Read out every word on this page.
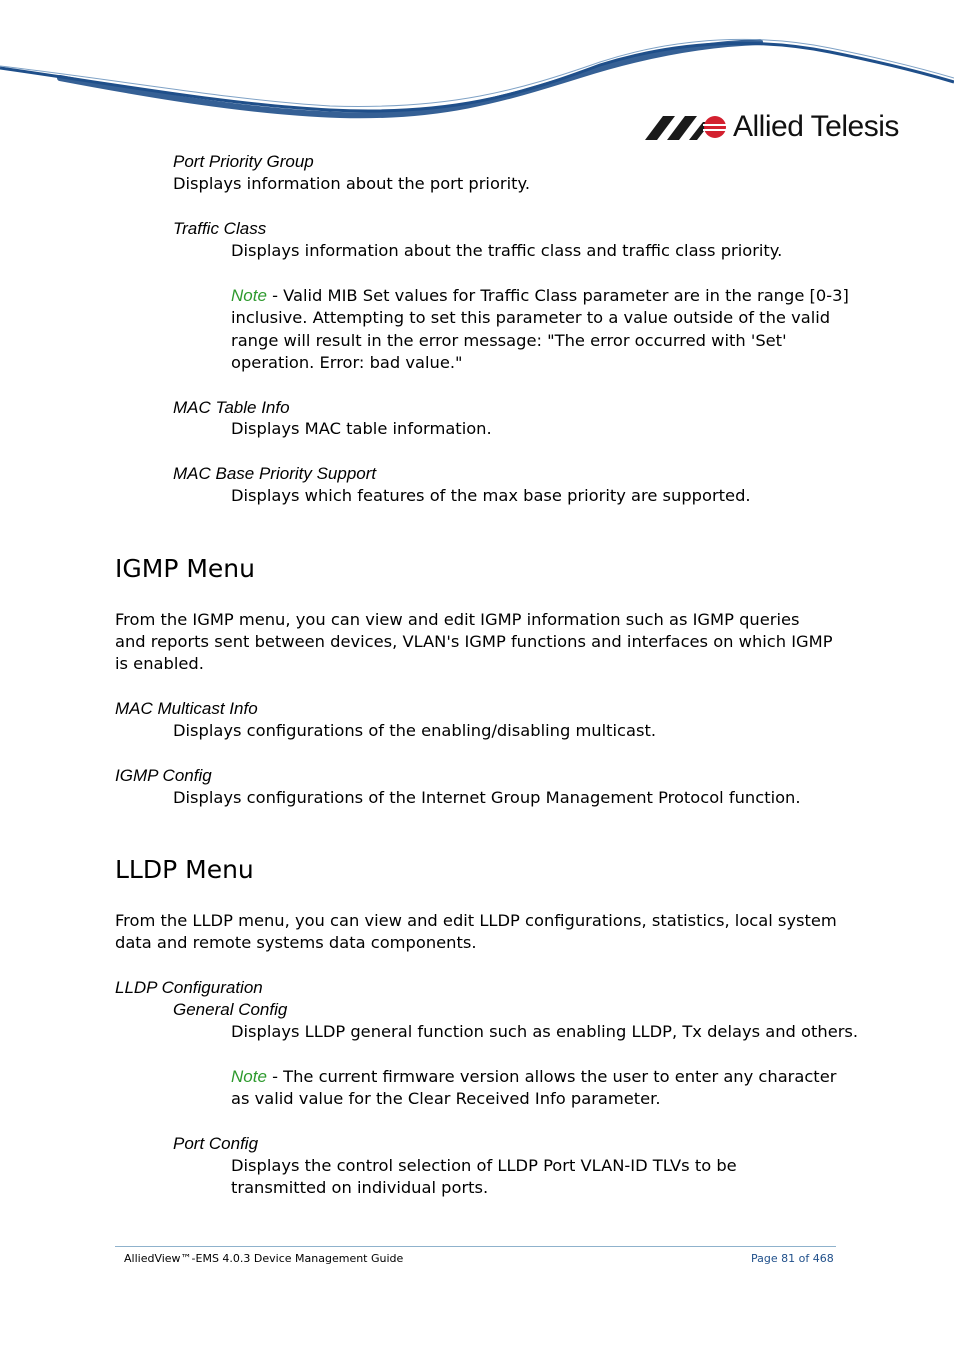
Allied Telesis
Port Priority Group
Displays information about the port priority.
Traffic Class
Displays information about the traffic class and traffic class priority.
Note - Valid MIB Set values for Traffic Class parameter are in the range [0-3]
inclusive. Attempting to set this parameter to a value outside of the valid
range will result in the error message: "The error occurred with 'Set'
operation. Error: bad value."
MAC Table Info
Displays MAC table information.
MAC Base Priority Support
Displays which features of the max base priority are supported.
IGMP Menu
From the IGMP menu, you can view and edit IGMP information such as IGMP queries
and reports sent between devices, VLAN's IGMP functions and interfaces on which IGMP
is enabled.
MAC Multicast Info
Displays configurations of the enabling/disabling multicast.
IGMP Config
Displays configurations of the Internet Group Management Protocol function.
LLDP Menu
From the LLDP menu, you can view and edit LLDP configurations, statistics, local system
data and remote systems data components.
LLDP Configuration
General Config
Displays LLDP general function such as enabling LLDP, Tx delays and others.
Note - The current firmware version allows the user to enter any character
as valid value for the Clear Received Info parameter.
Port Config
Displays the control selection of LLDP Port VLAN-ID TLVs to be
transmitted on individual ports.
AlliedView™-EMS 4.0.3 Device Management Guide	Page 81 of 468
